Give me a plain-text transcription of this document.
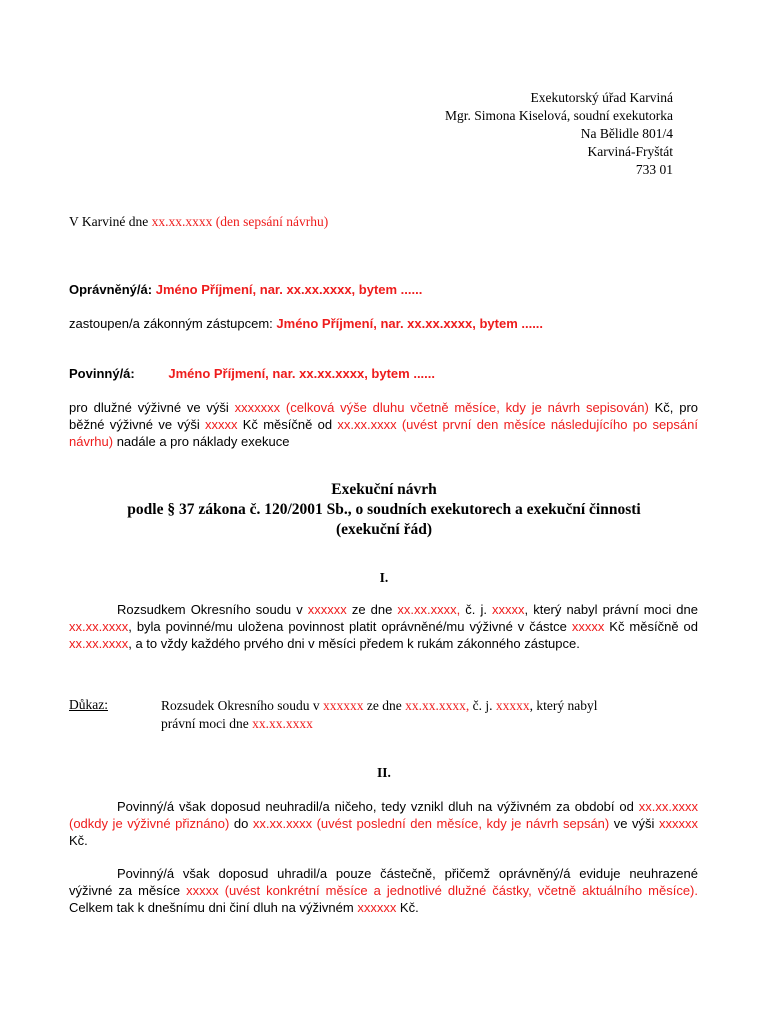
Exekutorský úřad Karviná
Mgr. Simona Kiselová, soudní exekutorka
Na Bělidle 801/4
Karviná-Fryštát
733 01
V Karviné dne xx.xx.xxxx (den sepsání návrhu)
Oprávněný/á: Jméno Příjmení, nar. xx.xx.xxxx, bytem ......
zastoupen/a zákonným zástupcem: Jméno Příjmení, nar. xx.xx.xxxx, bytem ......
Povinný/á:	Jméno Příjmení, nar. xx.xx.xxxx, bytem ......
pro dlužné výživné ve výši xxxxxxx (celková výše dluhu včetně měsíce, kdy je návrh sepisován) Kč, pro běžné výživné ve výši xxxxx Kč měsíčně od xx.xx.xxxx (uvést první den měsíce následujícího po sepsání návrhu) nadále a pro náklady exekuce
Exekuční návrh
podle § 37 zákona č. 120/2001 Sb., o soudních exekutorech a exekuční činnosti
(exekuční řád)
I.
Rozsudkem Okresního soudu v xxxxxx ze dne xx.xx.xxxx, č. j. xxxxx, který nabyl právní moci dne xx.xx.xxxx, byla povinné/mu uložena povinnost platit oprávněné/mu výživné v částce xxxxx Kč měsíčně od xx.xx.xxxx, a to vždy každého prvého dni v měsíci předem k rukám zákonného zástupce.
Důkaz:	Rozsudek Okresního soudu v xxxxxx ze dne xx.xx.xxxx, č. j. xxxxx, který nabyl
právní moci dne xx.xx.xxxx
II.
Povinný/á však doposud neuhradil/a ničeho, tedy vznikl dluh na výživném za období od xx.xx.xxxx (odkdy je výživné přiznáno) do xx.xx.xxxx (uvést poslední den měsíce, kdy je návrh sepsán) ve výši xxxxxx Kč.
Povinný/á však doposud uhradil/a pouze částečně, přičemž oprávněný/á eviduje neuhrazené výživné za měsíce xxxxx (uvést konkrétní měsíce a jednotlivé dlužné částky, včetně aktuálního měsíce). Celkem tak k dnešnímu dni činí dluh na výživném xxxxxx Kč.
